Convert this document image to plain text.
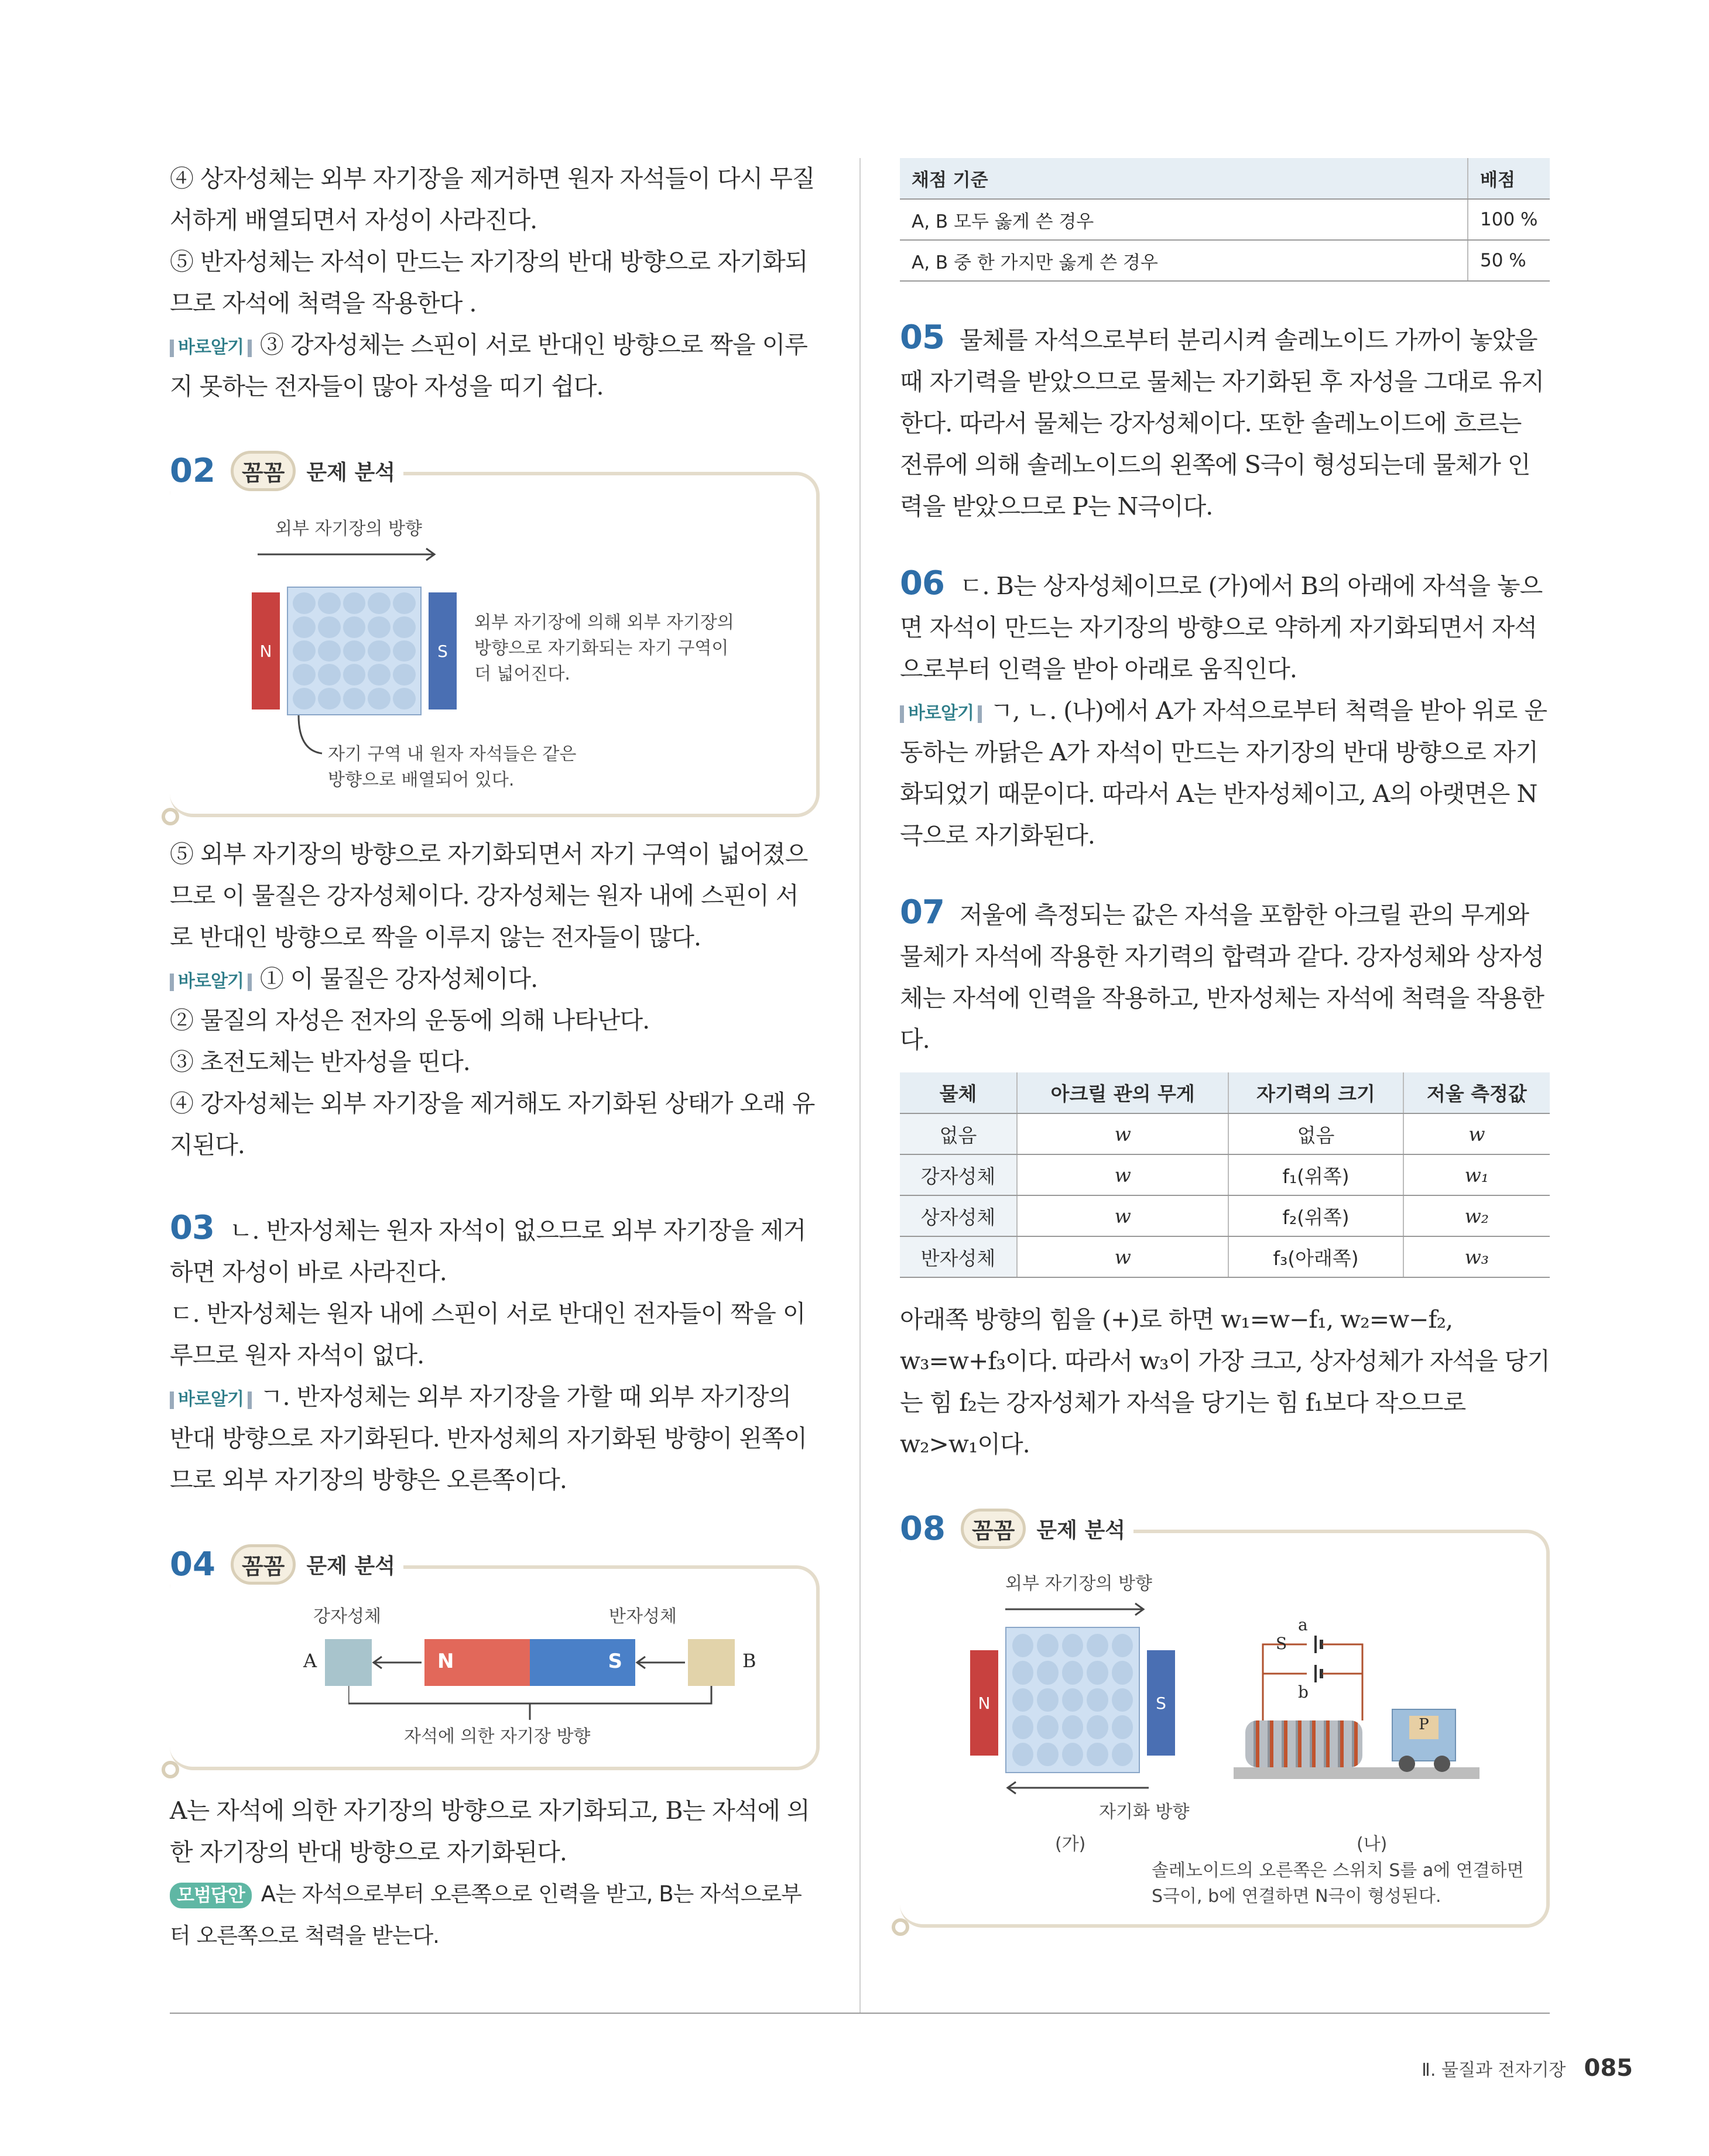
④ 상자성체는 외부 자기장을 제거하면 원자 자석들이 다시 무질서하게 배열되면서 자성이 사라진다.

⑤ 반자성체는 자석이 만드는 자기장의 반대 방향으로 자기화되므로 자석에 척력을 작용한다 .

바로알기 ③ 강자성체는 스핀이 서로 반대인 방향으로 짝을 이루지 못하는 전자들이 많아 자성을 띠기 쉽다.

02	꼼꼼	문제 분석
외부 자기장의 방향
N	S
외부 자기장에 의해 외부 자기장의 방향으로 자기화되는 자기 구역이 더 넓어진다.
자기 구역 내 원자 자석들은 같은 방향으로 배열되어 있다.

⑤ 외부 자기장의 방향으로 자기화되면서 자기 구역이 넓어졌으므로 이 물질은 강자성체이다. 강자성체는 원자 내에 스핀이 서로 반대인 방향으로 짝을 이루지 않는 전자들이 많다.

바로알기 ① 이 물질은 강자성체이다.

② 물질의 자성은 전자의 운동에 의해 나타난다.

③ 초전도체는 반자성을 띤다.

④ 강자성체는 외부 자기장을 제거해도 자기화된 상태가 오래 유지된다.

03 ㄴ. 반자성체는 원자 자석이 없으므로 외부 자기장을 제거하면 자성이 바로 사라진다.

ㄷ. 반자성체는 원자 내에 스핀이 서로 반대인 전자들이 짝을 이루므로 원자 자석이 없다.

바로알기 ㄱ. 반자성체는 외부 자기장을 가할 때 외부 자기장의 반대 방향으로 자기화된다. 반자성체의 자기화된 방향이 왼쪽이므로 외부 자기장의 방향은 오른쪽이다.

04	꼼꼼	문제 분석
강자성체	반자성체
A	N	S	B
자석에 의한 자기장 방향

A는 자석에 의한 자기장의 방향으로 자기화되고, B는 자석에 의한 자기장의 반대 방향으로 자기화된다.

모범답안 A는 자석으로부터 오른쪽으로 인력을 받고, B는 자석으로부터 오른쪽으로 척력을 받는다.

채점 기준	배점
A, B 모두 옳게 쓴 경우	100 %
A, B 중 한 가지만 옳게 쓴 경우	50 %

05 물체를 자석으로부터 분리시켜 솔레노이드 가까이 놓았을 때 자기력을 받았으므로 물체는 자기화된 후 자성을 그대로 유지한다. 따라서 물체는 강자성체이다. 또한 솔레노이드에 흐르는 전류에 의해 솔레노이드의 왼쪽에 S극이 형성되는데 물체가 인력을 받았으므로 P는 N극이다.

06 ㄷ. B는 상자성체이므로 (가)에서 B의 아래에 자석을 놓으면 자석이 만드는 자기장의 방향으로 약하게 자기화되면서 자석으로부터 인력을 받아 아래로 움직인다.

바로알기 ㄱ, ㄴ. (나)에서 A가 자석으로부터 척력을 받아 위로 운동하는 까닭은 A가 자석이 만드는 자기장의 반대 방향으로 자기화되었기 때문이다. 따라서 A는 반자성체이고, A의 아랫면은 N극으로 자기화된다.

07 저울에 측정되는 값은 자석을 포함한 아크릴 관의 무게와 물체가 자석에 작용한 자기력의 합력과 같다. 강자성체와 상자성체는 자석에 인력을 작용하고, 반자성체는 자석에 척력을 작용한다.

물체	아크릴 관의 무게	자기력의 크기	저울 측정값
없음	w	없음	w
강자성체	w	f₁(위쪽)	w₁
상자성체	w	f₂(위쪽)	w₂
반자성체	w	f₃(아래쪽)	w₃

아래쪽 방향의 힘을 (+)로 하면 w₁=w−f₁, w₂=w−f₂, w₃=w+f₃이다. 따라서 w₃이 가장 크고, 상자성체가 자석을 당기는 힘 f₂는 강자성체가 자석을 당기는 힘 f₁보다 작으므로 w₂>w₁이다.

08	꼼꼼	문제 분석
외부 자기장의 방향
N	S
자기화 방향
(가)
a
S
b
P
(나)
솔레노이드의 오른쪽은 스위치 S를 a에 연결하면 S극이, b에 연결하면 N극이 형성된다.
Ⅱ. 물질과 전자기장 085
